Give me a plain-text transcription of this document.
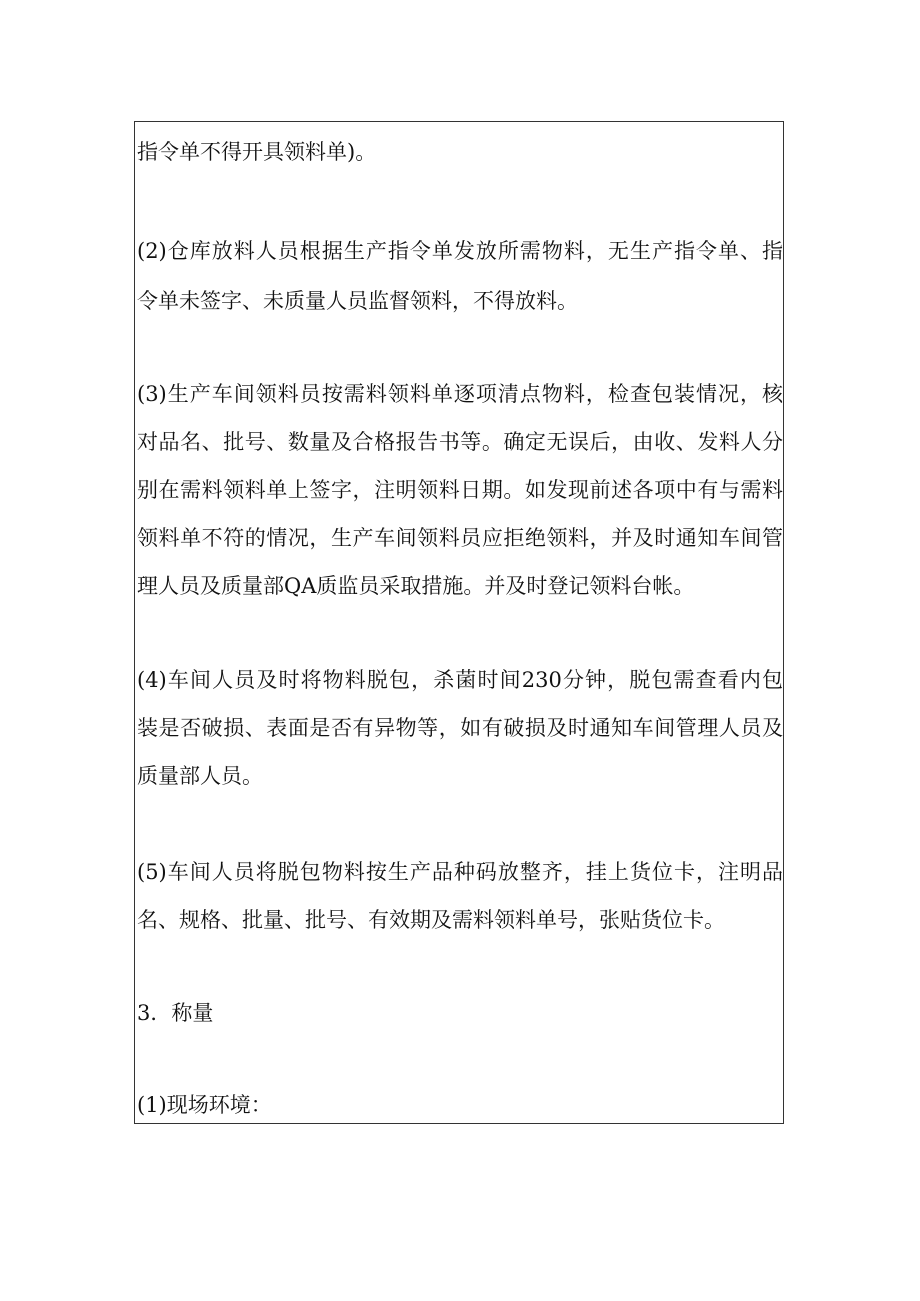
指令单不得开具领料单)。

(2)仓库放料人员根据生产指令单发放所需物料，无生产指令单、指

令单未签字、未质量人员监督领料，不得放料。

(3)生产车间领料员按需料领料单逐项清点物料，检查包装情况，核

对品名、批号、数量及合格报告书等。确定无误后，由收、发料人分

别在需料领料单上签字，注明领料日期。如发现前述各项中有与需料

领料单不符的情况，生产车间领料员应拒绝领料，并及时通知车间管

理人员及质量部QA质监员采取措施。并及时登记领料台帐。

(4)车间人员及时将物料脱包，杀菌时间230分钟，脱包需查看内包

装是否破损、表面是否有异物等，如有破损及时通知车间管理人员及

质量部人员。

(5)车间人员将脱包物料按生产品种码放整齐，挂上货位卡，注明品

名、规格、批量、批号、有效期及需料领料单号，张贴货位卡。

3．称量

(1)现场环境：
